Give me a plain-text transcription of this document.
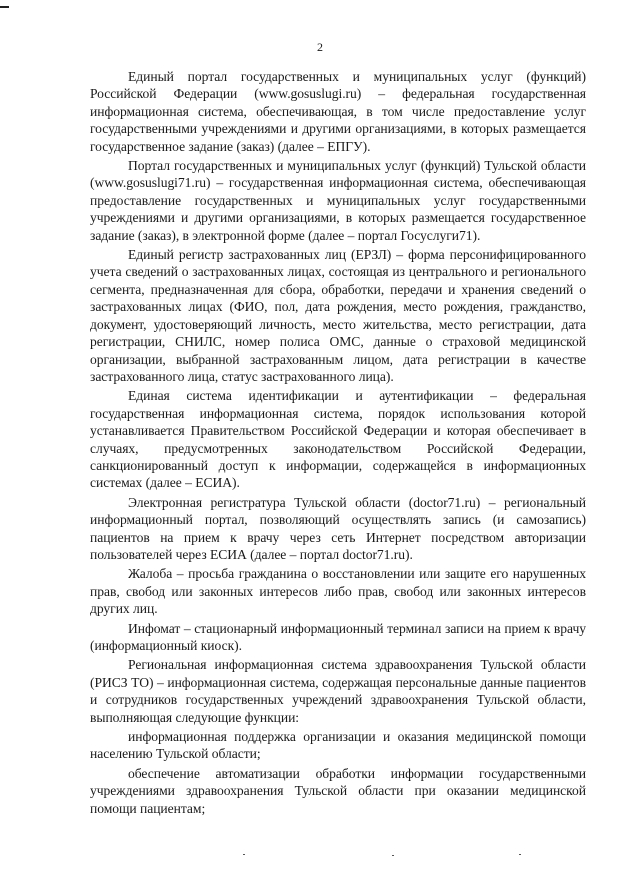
2

Единый портал государственных и муниципальных услуг (функций) Российской Федерации (www.gosuslugi.ru) – федеральная государственная информационная система, обеспечивающая, в том числе предоставление услуг государственными учреждениями и другими организациями, в которых размещается государственное задание (заказ) (далее – ЕПГУ).

Портал государственных и муниципальных услуг (функций) Тульской области (www.gosuslugi71.ru) – государственная информационная система, обеспечивающая предоставление государственных и муниципальных услуг государственными учреждениями и другими организациями, в которых размещается государственное задание (заказ), в электронной форме (далее – портал Госуслуги71).

Единый регистр застрахованных лиц (ЕРЗЛ) – форма персонифицированного учета сведений о застрахованных лицах, состоящая из центрального и регионального сегмента, предназначенная для сбора, обработки, передачи и хранения сведений о застрахованных лицах (ФИО, пол, дата рождения, место рождения, гражданство, документ, удостоверяющий личность, место жительства, место регистрации, дата регистрации, СНИЛС, номер полиса ОМС, данные о страховой медицинской организации, выбранной застрахованным лицом, дата регистрации в качестве застрахованного лица, статус застрахованного лица).

Единая система идентификации и аутентификации – федеральная государственная информационная система, порядок использования которой устанавливается Правительством Российской Федерации и которая обеспечивает в случаях, предусмотренных законодательством Российской Федерации, санкционированный доступ к информации, содержащейся в информационных системах (далее – ЕСИА).

Электронная регистратура Тульской области (doctor71.ru) – региональный информационный портал, позволяющий осуществлять запись (и самозапись) пациентов на прием к врачу через сеть Интернет посредством авторизации пользователей через ЕСИА (далее – портал doctor71.ru).

Жалоба – просьба гражданина о восстановлении или защите его нарушенных прав, свобод или законных интересов либо прав, свобод или законных интересов других лиц.

Инфомат – стационарный информационный терминал записи на прием к врачу (информационный киоск).

Региональная информационная система здравоохранения Тульской области (РИСЗ ТО) – информационная система, содержащая персональные данные пациентов и сотрудников государственных учреждений здравоохранения Тульской области, выполняющая следующие функции:

информационная поддержка организации и оказания медицинской помощи населению Тульской области;

обеспечение автоматизации обработки информации государственными учреждениями здравоохранения Тульской области при оказании медицинской помощи пациентам;
